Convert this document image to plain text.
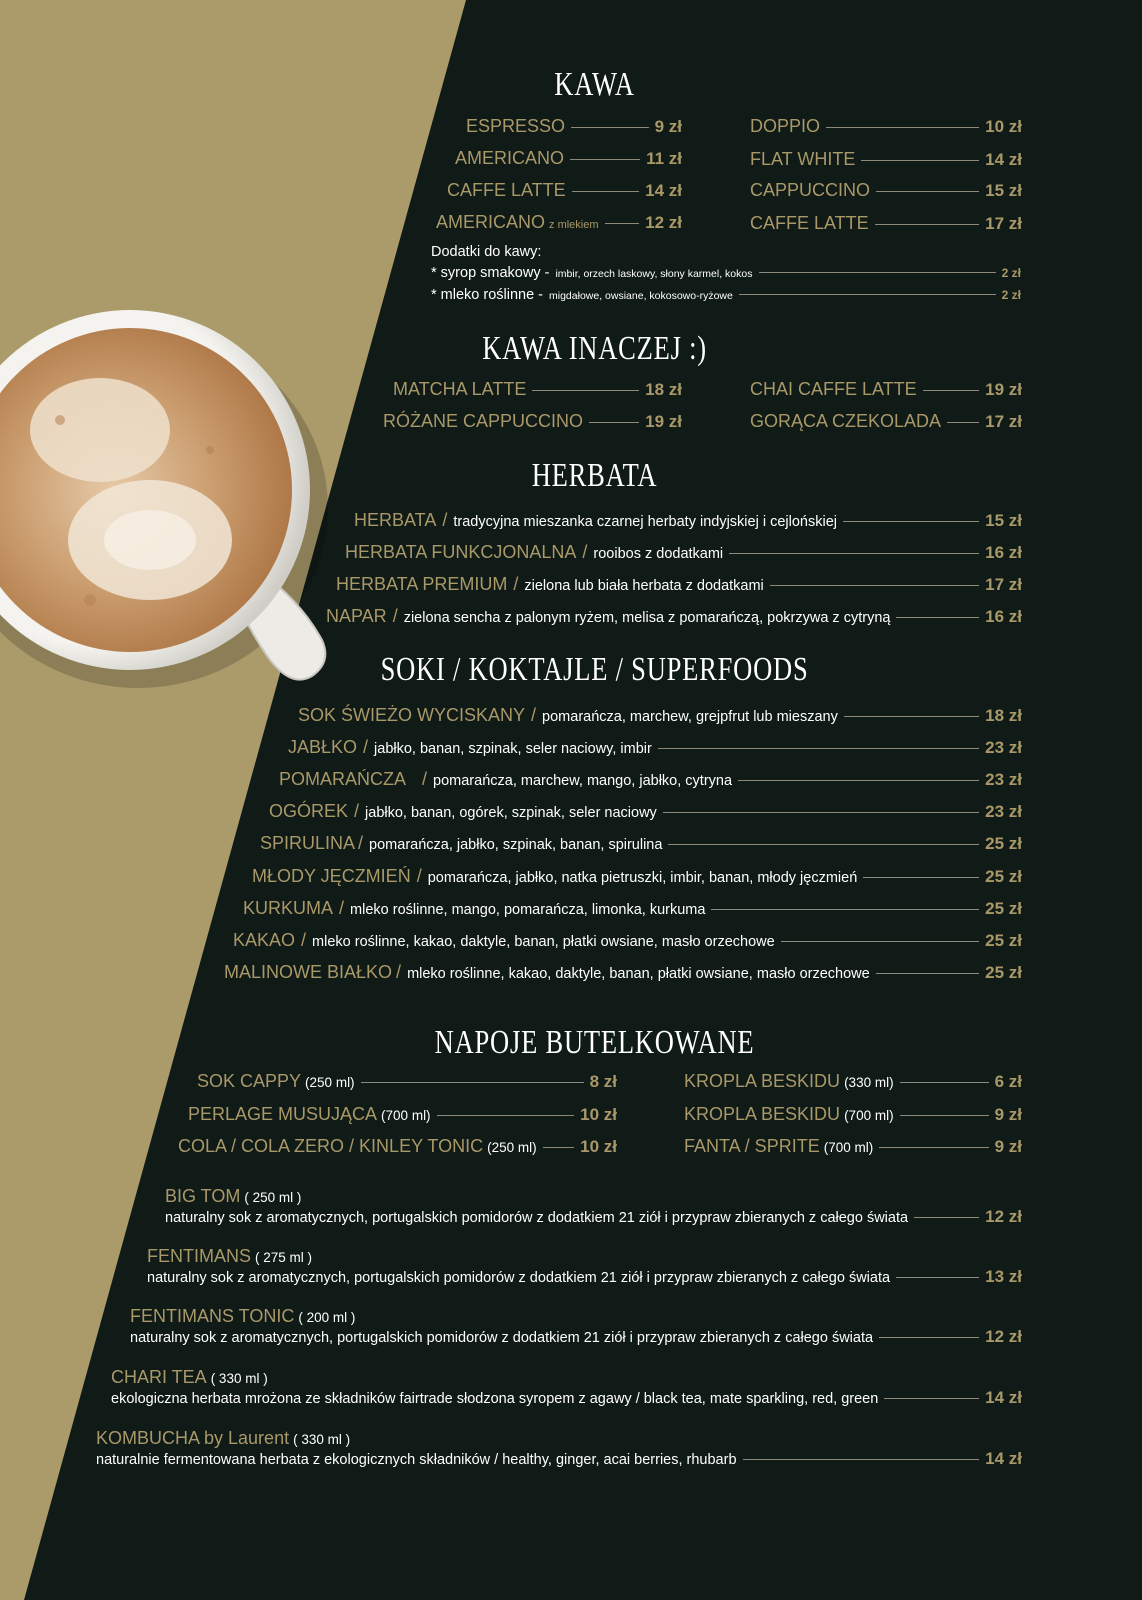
KAWA
ESPRESSO	9 zł
AMERICANO	11 zł
CAFFE LATTE	14 zł
AMERICANO z mlekiem	12 zł
DOPPIO	10 zł
FLAT WHITE	14 zł
CAPPUCCINO	15 zł
CAFFE LATTE	17 zł
Dodatki do kawy:
* syrop smakowy - imbir, orzech laskowy, słony karmel, kokos	2 zł
* mleko roślinne - migdałowe, owsiane, kokosowo-ryżowe	2 zł
KAWA INACZEJ :)
MATCHA LATTE	18 zł
RÓŻANE CAPPUCCINO	19 zł
CHAI CAFFE LATTE	19 zł
GORĄCA CZEKOLADA	17 zł
HERBATA
HERBATA / tradycyjna mieszanka czarnej herbaty indyjskiej i cejlońskiej	15 zł
HERBATA FUNKCJONALNA / rooibos z dodatkami	16 zł
HERBATA PREMIUM / zielona lub biała herbata z dodatkami	17 zł
NAPAR / zielona sencha z palonym ryżem, melisa z pomarańczą, pokrzywa z cytryną	16 zł
SOKI / KOKTAJLE / SUPERFOODS
SOK ŚWIEŻO WYCISKANY / pomarańcza, marchew, grejpfrut lub mieszany	18 zł
JABŁKO / jabłko, banan, szpinak, seler naciowy, imbir	23 zł
POMARAŃCZA / pomarańcza, marchew, mango, jabłko, cytryna	23 zł
OGÓREK / jabłko, banan, ogórek, szpinak, seler naciowy	23 zł
SPIRULINA / pomarańcza, jabłko, szpinak, banan, spirulina	25 zł
MŁODY JĘCZMIEŃ / pomarańcza, jabłko, natka pietruszki, imbir, banan, młody jęczmień	25 zł
KURKUMA / mleko roślinne, mango, pomarańcza, limonka, kurkuma	25 zł
KAKAO / mleko roślinne, kakao, daktyle, banan, płatki owsiane, masło orzechowe	25 zł
MALINOWE BIAŁKO / mleko roślinne, kakao, daktyle, banan, płatki owsiane, masło orzechowe	25 zł
NAPOJE BUTELKOWANE
SOK CAPPY (250 ml)	8 zł
PERLAGE MUSUJĄCA (700 ml)	10 zł
COLA / COLA ZERO / KINLEY TONIC (250 ml)	10 zł
KROPLA BESKIDU (330 ml)	6 zł
KROPLA BESKIDU (700 ml)	9 zł
FANTA / SPRITE (700 ml)	9 zł
BIG TOM ( 250 ml )
naturalny sok z aromatycznych, portugalskich pomidorów z dodatkiem 21 ziół i przypraw zbieranych z całego świata	12 zł
FENTIMANS ( 275 ml )
naturalny sok z aromatycznych, portugalskich pomidorów z dodatkiem 21 ziół i przypraw zbieranych z całego świata	13 zł
FENTIMANS TONIC ( 200 ml )
naturalny sok z aromatycznych, portugalskich pomidorów z dodatkiem 21 ziół i przypraw zbieranych z całego świata	12 zł
CHARI TEA ( 330 ml )
ekologiczna herbata mrożona ze składników fairtrade słodzona syropem z agawy / black tea, mate sparkling, red, green	14 zł
KOMBUCHA by Laurent ( 330 ml )
naturalnie fermentowana herbata z ekologicznych składników / healthy, ginger, acai berries, rhubarb	14 zł
